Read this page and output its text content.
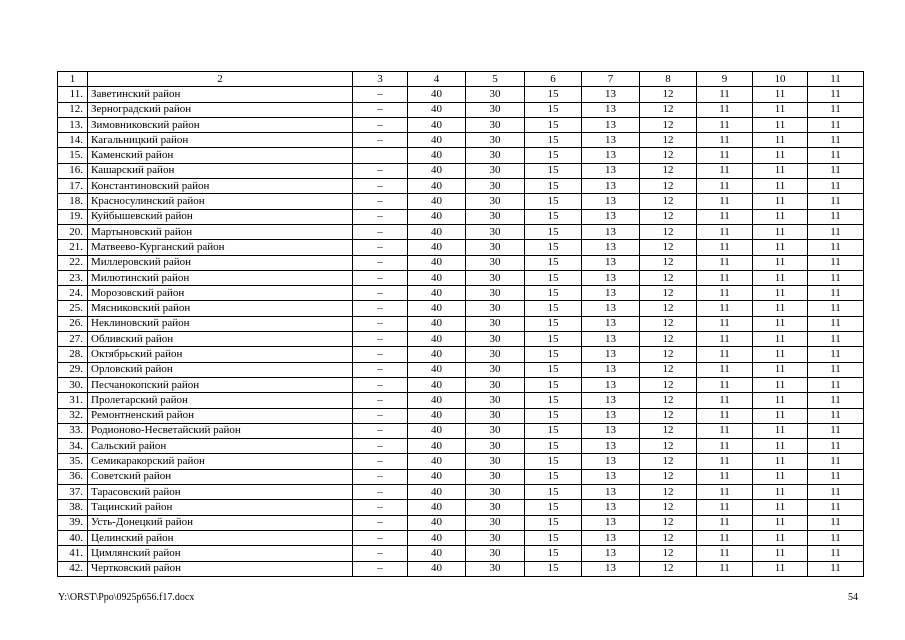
1	2	3	4	5	6	7	8	9	10	11
11.	Заветинский район	–	40	30	15	13	12	11	11	11
12.	Зерноградский район	–	40	30	15	13	12	11	11	11
13.	Зимовниковский район	–	40	30	15	13	12	11	11	11
14.	Кагальницкий район	–	40	30	15	13	12	11	11	11
15.	Каменский район		40	30	15	13	12	11	11	11
16.	Кашарский район	–	40	30	15	13	12	11	11	11
17.	Константиновский район	–	40	30	15	13	12	11	11	11
18.	Красносулинский район	–	40	30	15	13	12	11	11	11
19.	Куйбышевский район	–	40	30	15	13	12	11	11	11
20.	Мартыновский район	–	40	30	15	13	12	11	11	11
21.	Матвеево-Курганский район	–	40	30	15	13	12	11	11	11
22.	Миллеровский район	–	40	30	15	13	12	11	11	11
23.	Милютинский район	–	40	30	15	13	12	11	11	11
24.	Морозовский район	–	40	30	15	13	12	11	11	11
25.	Мясниковский район	–	40	30	15	13	12	11	11	11
26.	Неклиновский район	–	40	30	15	13	12	11	11	11
27.	Обливский район	–	40	30	15	13	12	11	11	11
28.	Октябрьский район	–	40	30	15	13	12	11	11	11
29.	Орловский район	–	40	30	15	13	12	11	11	11
30.	Песчанокопский район	–	40	30	15	13	12	11	11	11
31.	Пролетарский район	–	40	30	15	13	12	11	11	11
32.	Ремонтненский район	–	40	30	15	13	12	11	11	11
33.	Родионово-Несветайский район	–	40	30	15	13	12	11	11	11
34.	Сальский район	–	40	30	15	13	12	11	11	11
35.	Семикаракорский район	–	40	30	15	13	12	11	11	11
36.	Советский район	–	40	30	15	13	12	11	11	11
37.	Тарасовский район	–	40	30	15	13	12	11	11	11
38.	Тацинский район	–	40	30	15	13	12	11	11	11
39.	Усть-Донецкий район	–	40	30	15	13	12	11	11	11
40.	Целинский район	–	40	30	15	13	12	11	11	11
41.	Цимлянский район	–	40	30	15	13	12	11	11	11
42.	Чертковский район	–	40	30	15	13	12	11	11	11
Y:\ORST\Ppo\0925p656.f17.docx	54
